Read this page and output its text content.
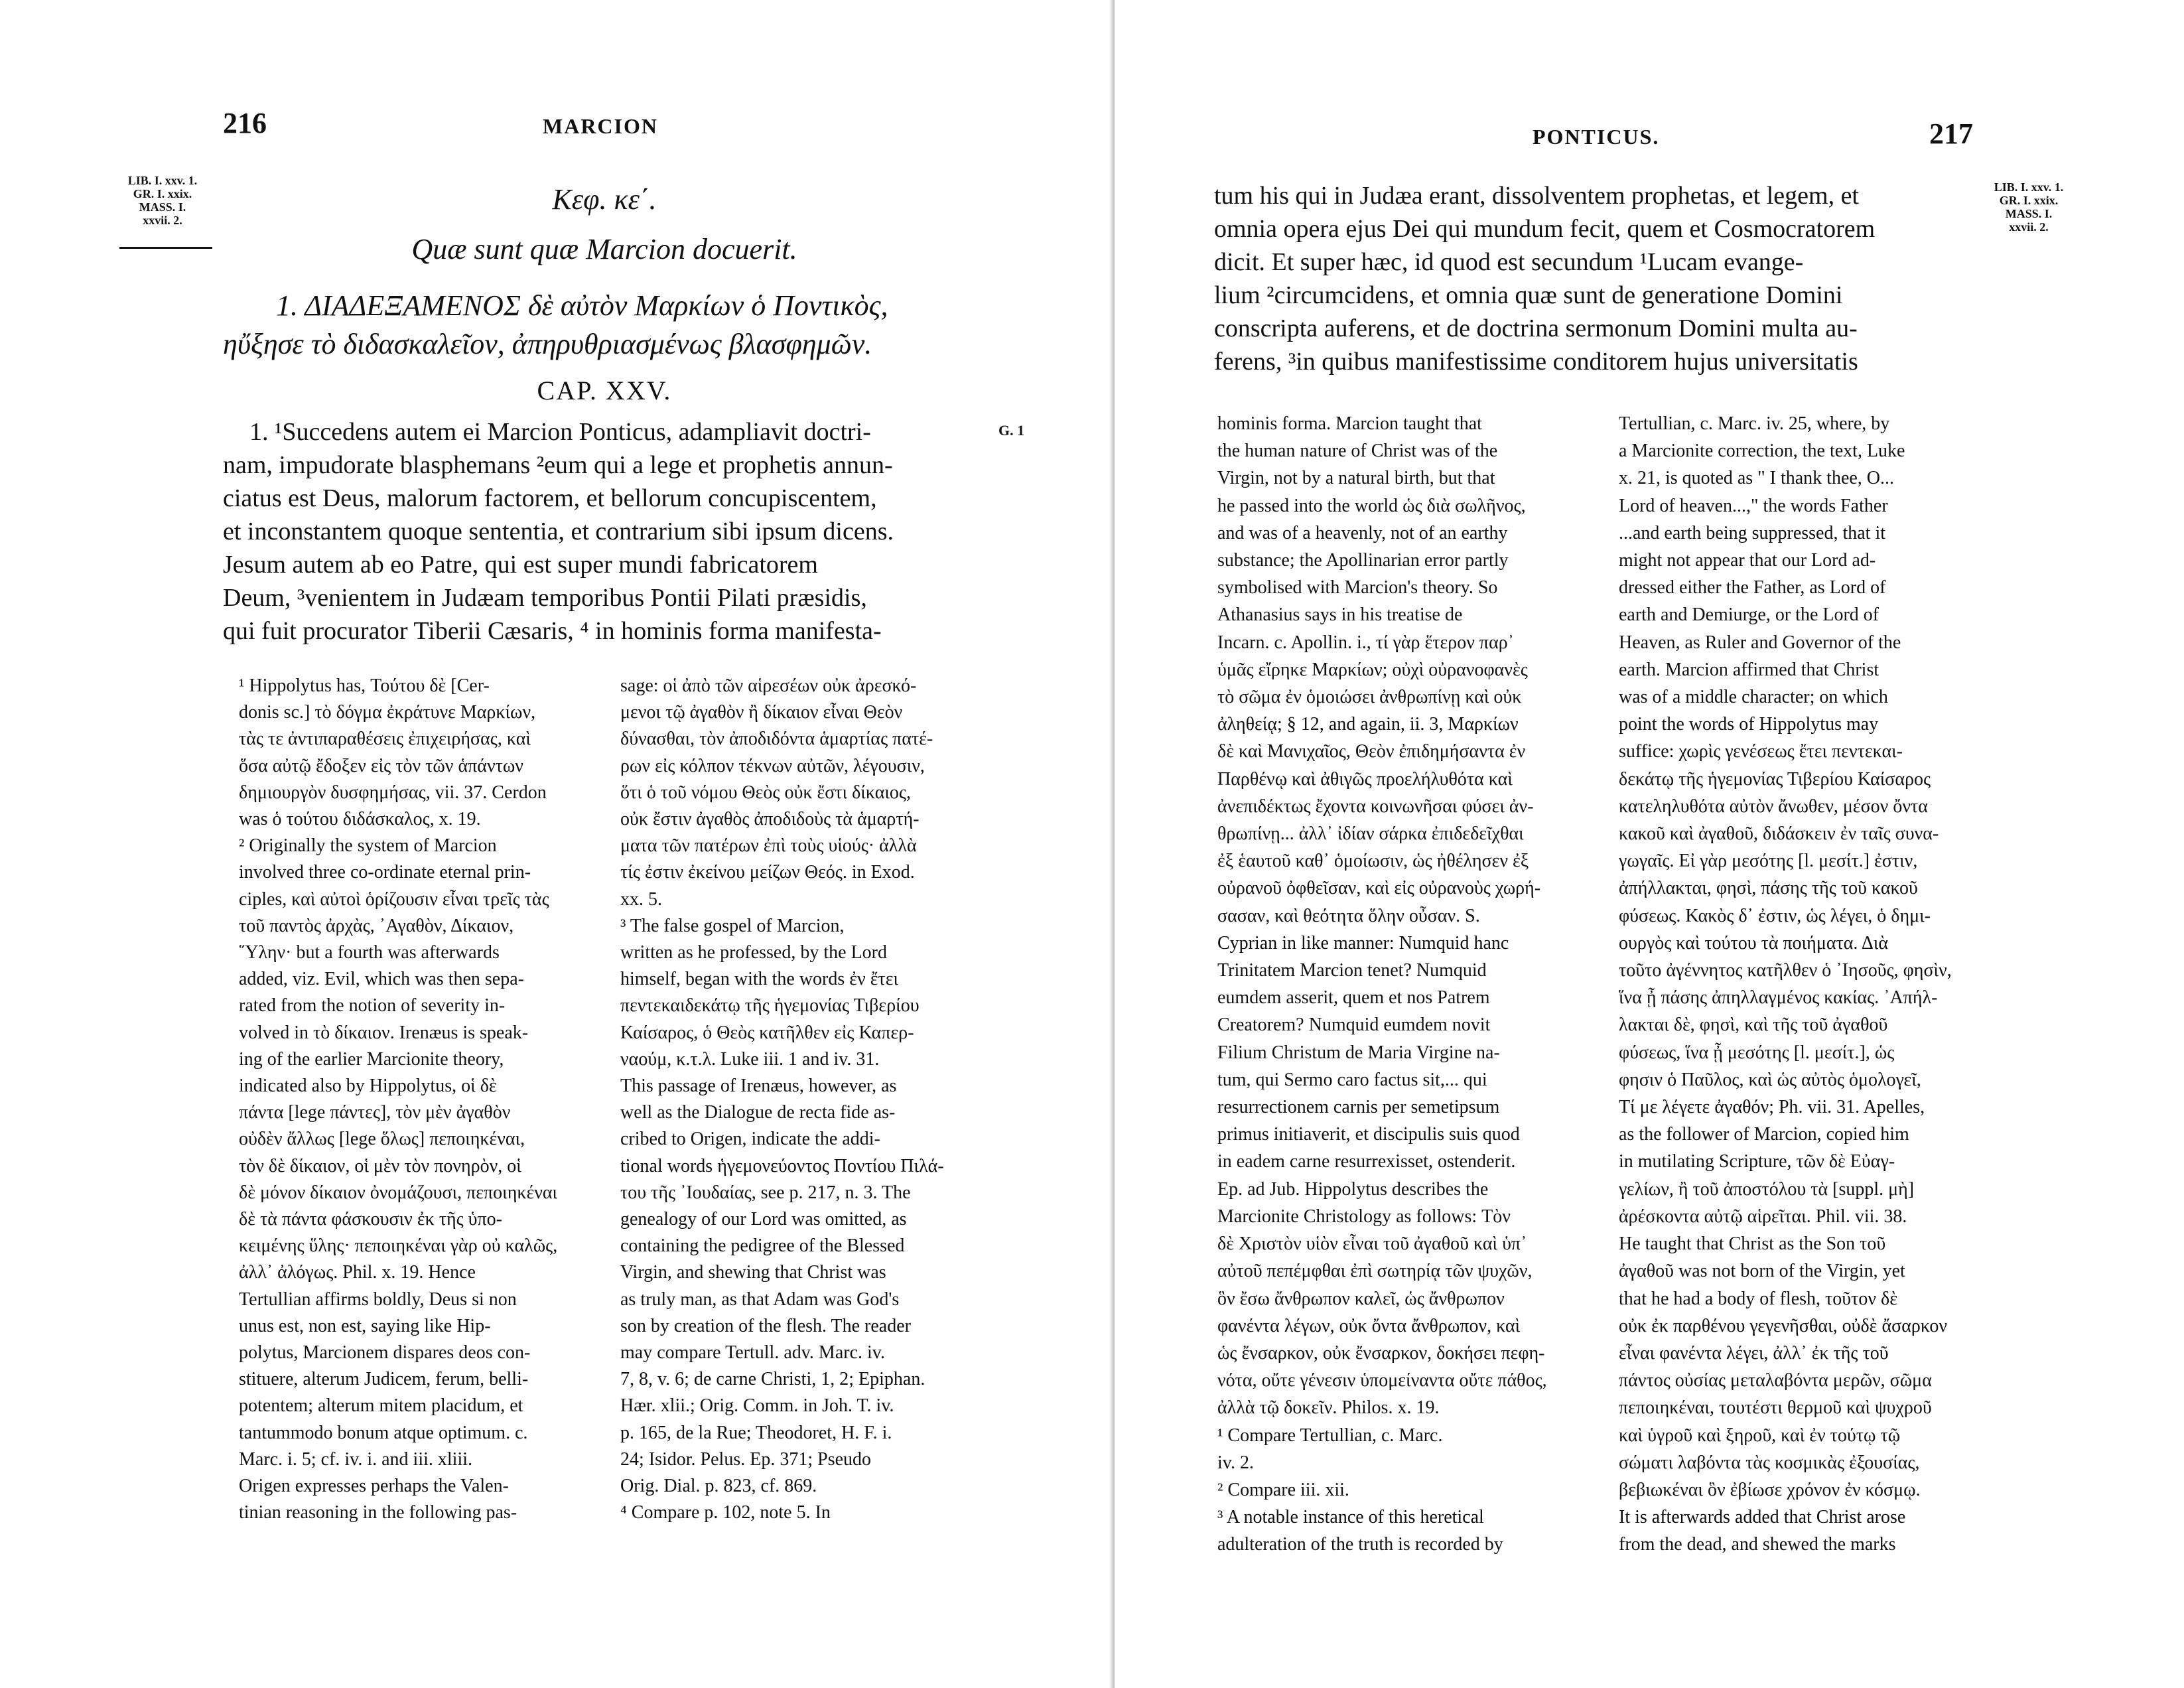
216	MARCION
LIB. I. xxv. 1.
GR. I. xxix.
MASS. I.
xxvii. 2.
Κεφ. κε΄.
Quæ sunt quæ Marcion docuerit.

1. ΔΙΑΔΕΞΑΜΕΝΟΣ δὲ αὐτὸν Μαρκίων ὁ Ποντικὸς,

ηὔξησε τὸ διδασκαλεῖον, ἀπηρυθριασμένως βλασφημῶν.

CAP. XXV.
G. 1

1. ¹Succedens autem ei Marcion Ponticus, adampliavit doctri-

nam, impudorate blasphemans ²eum qui a lege et prophetis annun-

ciatus est Deus, malorum factorem, et bellorum concupiscentem,

et inconstantem quoque sententia, et contrarium sibi ipsum dicens.

Jesum autem ab eo Patre, qui est super mundi fabricatorem

Deum, ³venientem in Judæam temporibus Pontii Pilati præsidis,

qui fuit procurator Tiberii Cæsaris, ⁴ in hominis forma manifesta-

¹ Hippolytus has, Τούτου δὲ [Cer-

donis sc.] τὸ δόγμα ἐκράτυνε Μαρκίων,

τὰς τε ἀντιπαραθέσεις ἐπιχειρήσας, καὶ

ὅσα αὐτῷ ἔδοξεν εἰς τὸν τῶν ἁπάντων

δημιουργὸν δυσφημήσας, vii. 37. Cerdon

was ὁ τούτου διδάσκαλος, x. 19.

² Originally the system of Marcion

involved three co-ordinate eternal prin-

ciples, καὶ αὐτοὶ ὁρίζουσιν εἶναι τρεῖς τὰς

τοῦ παντὸς ἀρχὰς, ᾿Αγαθὸν, Δίκαιον,

῞Υλην· but a fourth was afterwards

added, viz. Evil, which was then sepa-

rated from the notion of severity in-

volved in τὸ δίκαιον. Irenæus is speak-

ing of the earlier Marcionite theory,

indicated also by Hippolytus, οἱ δὲ

πάντα [lege πάντες], τὸν μὲν ἀγαθὸν

οὐδὲν ἄλλως [lege ὅλως] πεποιηκέναι,

τὸν δὲ δίκαιον, οἱ μὲν τὸν πονηρὸν, οἱ

δὲ μόνον δίκαιον ὀνομάζουσι, πεποιηκέναι

δὲ τὰ πάντα φάσκουσιν ἐκ τῆς ὑπο-

κειμένης ὕλης· πεποιηκέναι γὰρ οὐ καλῶς,

ἀλλ᾽ ἀλόγως. Phil. x. 19. Hence

Tertullian affirms boldly, Deus si non

unus est, non est, saying like Hip-

polytus, Marcionem dispares deos con-

stituere, alterum Judicem, ferum, belli-

potentem; alterum mitem placidum, et

tantummodo bonum atque optimum. c.

Marc. i. 5; cf. iv. i. and iii. xliii.

Origen expresses perhaps the Valen-

tinian reasoning in the following pas-

sage: οἱ ἀπὸ τῶν αἱρεσέων οὐκ ἀρεσκό-

μενοι τῷ ἀγαθὸν ἢ δίκαιον εἶναι Θεὸν

δύνασθαι, τὸν ἀποδιδόντα ἁμαρτίας πατέ-

ρων εἰς κόλπον τέκνων αὐτῶν, λέγουσιν,

ὅτι ὁ τοῦ νόμου Θεὸς οὐκ ἔστι δίκαιος,

οὐκ ἔστιν ἀγαθὸς ἀποδιδοὺς τὰ ἁμαρτή-

ματα τῶν πατέρων ἐπὶ τοὺς υἱούς· ἀλλὰ

τίς ἐστιν ἐκείνου μείζων Θεός. in Exod.

xx. 5.

³ The false gospel of Marcion,

written as he professed, by the Lord

himself, began with the words ἐν ἔτει

πεντεκαιδεκάτῳ τῆς ἡγεμονίας Τιβερίου

Καίσαρος, ὁ Θεὸς κατῆλθεν εἰς Καπερ-

ναούμ, κ.τ.λ. Luke iii. 1 and iv. 31.

This passage of Irenæus, however, as

well as the Dialogue de recta fide as-

cribed to Origen, indicate the addi-

tional words ἡγεμονεύοντος Ποντίου Πιλά-

του τῆς ᾿Ιουδαίας, see p. 217, n. 3. The

genealogy of our Lord was omitted, as

containing the pedigree of the Blessed

Virgin, and shewing that Christ was

as truly man, as that Adam was God's

son by creation of the flesh. The reader

may compare Tertull. adv. Marc. iv.

7, 8, v. 6; de carne Christi, 1, 2; Epiphan.

Hær. xlii.; Orig. Comm. in Joh. T. iv.

p. 165, de la Rue; Theodoret, H. F. i.

24; Isidor. Pelus. Ep. 371; Pseudo

Orig. Dial. p. 823, cf. 869.

⁴ Compare p. 102, note 5. In

PONTICUS.	217
LIB. I. xxv. 1.
GR. I. xxix.
MASS. I.
xxvii. 2.

tum his qui in Judæa erant, dissolventem prophetas, et legem, et

omnia opera ejus Dei qui mundum fecit, quem et Cosmocratorem

dicit. Et super hæc, id quod est secundum ¹Lucam evange-

lium ²circumcidens, et omnia quæ sunt de generatione Domini

conscripta auferens, et de doctrina sermonum Domini multa au-

ferens, ³in quibus manifestissime conditorem hujus universitatis

hominis forma. Marcion taught that

the human nature of Christ was of the

Virgin, not by a natural birth, but that

he passed into the world ὡς διὰ σωλῆνος,

and was of a heavenly, not of an earthy

substance; the Apollinarian error partly

symbolised with Marcion's theory. So

Athanasius says in his treatise de

Incarn. c. Apollin. i., τί γὰρ ἕτερον παρ᾽

ὑμᾶς εἴρηκε Μαρκίων; οὐχὶ οὐρανοφανὲς

τὸ σῶμα ἐν ὁμοιώσει ἀνθρωπίνῃ καὶ οὐκ

ἀληθείᾳ; § 12, and again, ii. 3, Μαρκίων

δὲ καὶ Μανιχαῖος, Θεὸν ἐπιδημήσαντα ἐν

Παρθένῳ καὶ ἀθιγῶς προελήλυθότα καὶ

ἀνεπιδέκτως ἔχοντα κοινωνῆσαι φύσει ἀν-

θρωπίνῃ... ἀλλ᾽ ἰδίαν σάρκα ἐπιδεδεῖχθαι

ἐξ ἑαυτοῦ καθ᾽ ὁμοίωσιν, ὡς ἠθέλησεν ἐξ

οὐρανοῦ ὀφθεῖσαν, καὶ εἰς οὐρανοὺς χωρή-

σασαν, καὶ θεότητα ὅλην οὖσαν. S.

Cyprian in like manner: Numquid hanc

Trinitatem Marcion tenet? Numquid

eumdem asserit, quem et nos Patrem

Creatorem? Numquid eumdem novit

Filium Christum de Maria Virgine na-

tum, qui Sermo caro factus sit,... qui

resurrectionem carnis per semetipsum

primus initiaverit, et discipulis suis quod

in eadem carne resurrexisset, ostenderit.

Ep. ad Jub. Hippolytus describes the

Marcionite Christology as follows: Τὸν

δὲ Χριστὸν υἱὸν εἶναι τοῦ ἀγαθοῦ καὶ ὑπ᾽

αὐτοῦ πεπέμφθαι ἐπὶ σωτηρίᾳ τῶν ψυχῶν,

ὃν ἔσω ἄνθρωπον καλεῖ, ὡς ἄνθρωπον

φανέντα λέγων, οὐκ ὄντα ἄνθρωπον, καὶ

ὡς ἔνσαρκον, οὐκ ἔνσαρκον, δοκήσει πεφη-

νότα, οὔτε γένεσιν ὑπομείναντα οὔτε πάθος,

ἀλλὰ τῷ δοκεῖν. Philos. x. 19.

¹ Compare Tertullian, c. Marc.

iv. 2.

² Compare iii. xii.

³ A notable instance of this heretical

adulteration of the truth is recorded by

Tertullian, c. Marc. iv. 25, where, by

a Marcionite correction, the text, Luke

x. 21, is quoted as " I thank thee, O...

Lord of heaven...," the words Father

...and earth being suppressed, that it

might not appear that our Lord ad-

dressed either the Father, as Lord of

earth and Demiurge, or the Lord of

Heaven, as Ruler and Governor of the

earth. Marcion affirmed that Christ

was of a middle character; on which

point the words of Hippolytus may

suffice: χωρὶς γενέσεως ἔτει πεντεκαι-

δεκάτῳ τῆς ἡγεμονίας Τιβερίου Καίσαρος

κατεληλυθότα αὐτὸν ἄνωθεν, μέσον ὄντα

κακοῦ καὶ ἀγαθοῦ, διδάσκειν ἐν ταῖς συνα-

γωγαῖς. Εἰ γὰρ μεσότης [l. μεσίτ.] ἐστιν,

ἀπήλλακται, φησὶ, πάσης τῆς τοῦ κακοῦ

φύσεως. Κακὸς δ᾽ ἐστιν, ὡς λέγει, ὁ δημι-

ουργὸς καὶ τούτου τὰ ποιήματα. Διὰ

τοῦτο ἀγέννητος κατῆλθεν ὁ ᾿Ιησοῦς, φησὶν,

ἵνα ᾖ πάσης ἀπηλλαγμένος κακίας. ᾿Απήλ-

λακται δὲ, φησὶ, καὶ τῆς τοῦ ἀγαθοῦ

φύσεως, ἵνα ᾖ μεσότης [l. μεσίτ.], ὡς

φησιν ὁ Παῦλος, καὶ ὡς αὐτὸς ὁμολογεῖ,

Τί με λέγετε ἀγαθόν; Ph. vii. 31. Apelles,

as the follower of Marcion, copied him

in mutilating Scripture, τῶν δὲ Εὐαγ-

γελίων, ἢ τοῦ ἀποστόλου τὰ [suppl. μὴ]

ἀρέσκοντα αὐτῷ αἱρεῖται. Phil. vii. 38.

He taught that Christ as the Son τοῦ

ἀγαθοῦ was not born of the Virgin, yet

that he had a body of flesh, τοῦτον δὲ

οὐκ ἐκ παρθένου γεγενῆσθαι, οὐδὲ ἄσαρκον

εἶναι φανέντα λέγει, ἀλλ᾽ ἐκ τῆς τοῦ

πάντος οὐσίας μεταλαβόντα μερῶν, σῶμα

πεποιηκέναι, τουτέστι θερμοῦ καὶ ψυχροῦ

καὶ ὑγροῦ καὶ ξηροῦ, καὶ ἐν τούτῳ τῷ

σώματι λαβόντα τὰς κοσμικὰς ἐξουσίας,

βεβιωκέναι ὃν ἐβίωσε χρόνον ἐν κόσμῳ.

It is afterwards added that Christ arose

from the dead, and shewed the marks
